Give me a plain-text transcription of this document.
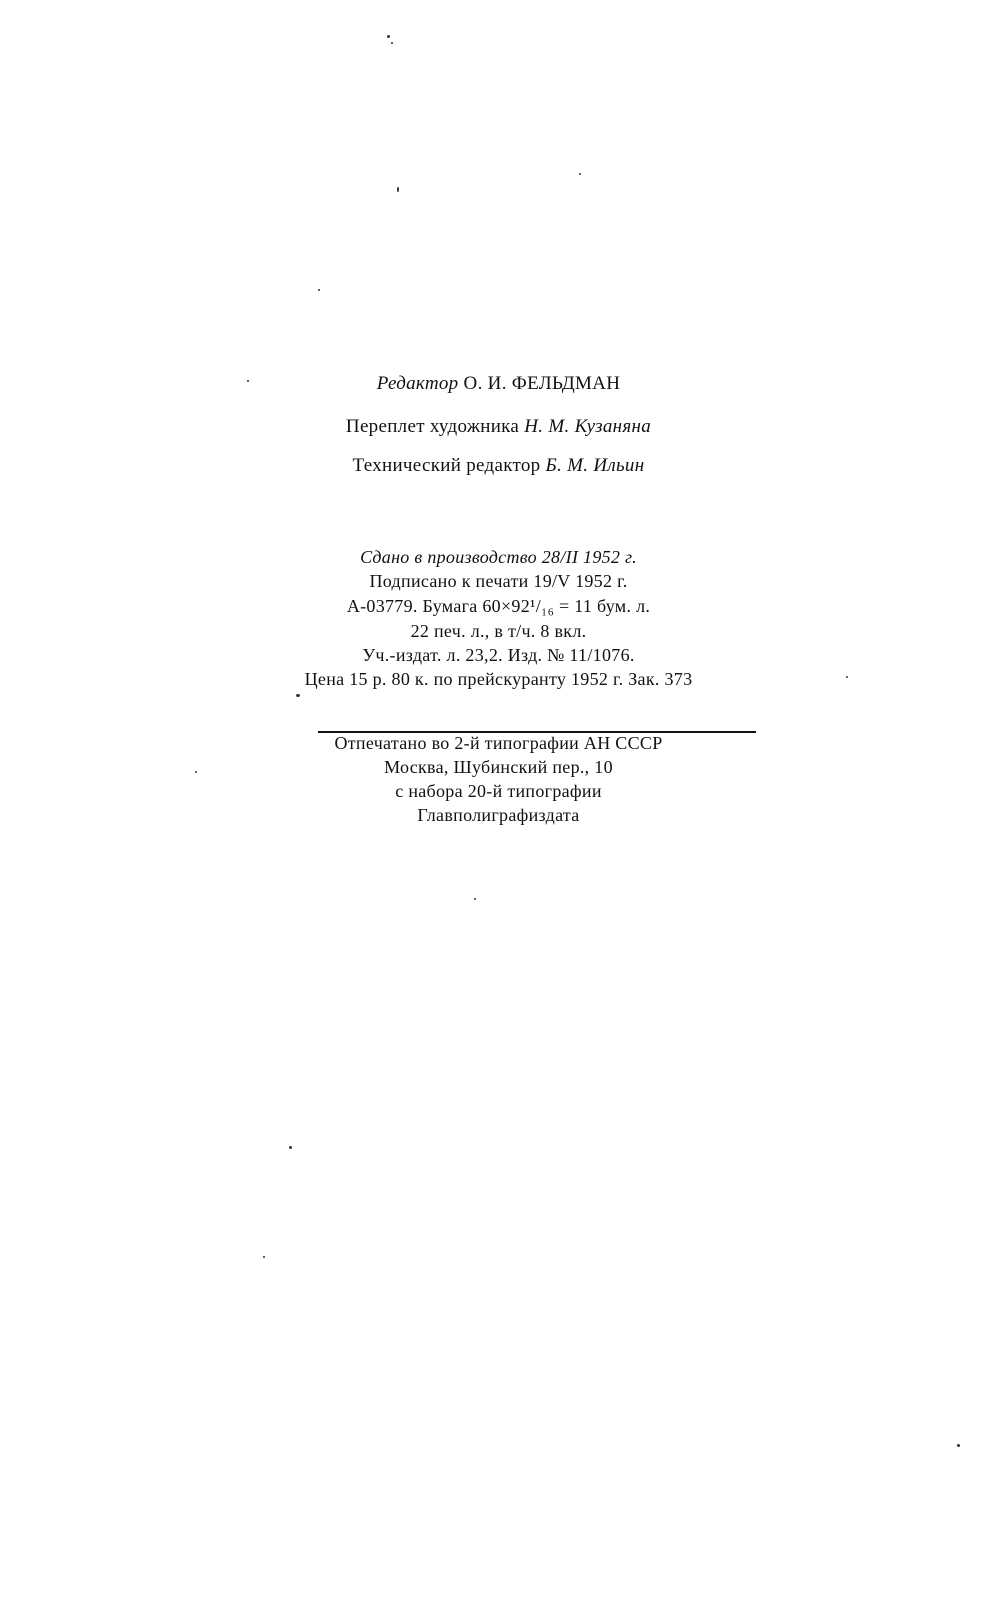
Редактор О. И. ФЕЛЬДМАН
Переплет художника Н. М. Кузаняна
Технический редактор Б. М. Ильин
Сдано в производство 28/II 1952 г.
Подписано к печати 19/V 1952 г.
А-03779. Бумага 60×92¹/₁₆ = 11 бум. л.
22 печ. л., в т/ч. 8 вкл.
Уч.-издат. л. 23,2. Изд. № 11/1076.
Цена 15 р. 80 к. по прейскуранту 1952 г. Зак. 373
Отпечатано во 2-й типографии АН СССР
Москва, Шубинский пер., 10
с набора 20-й типографии
Главполиграфиздата
